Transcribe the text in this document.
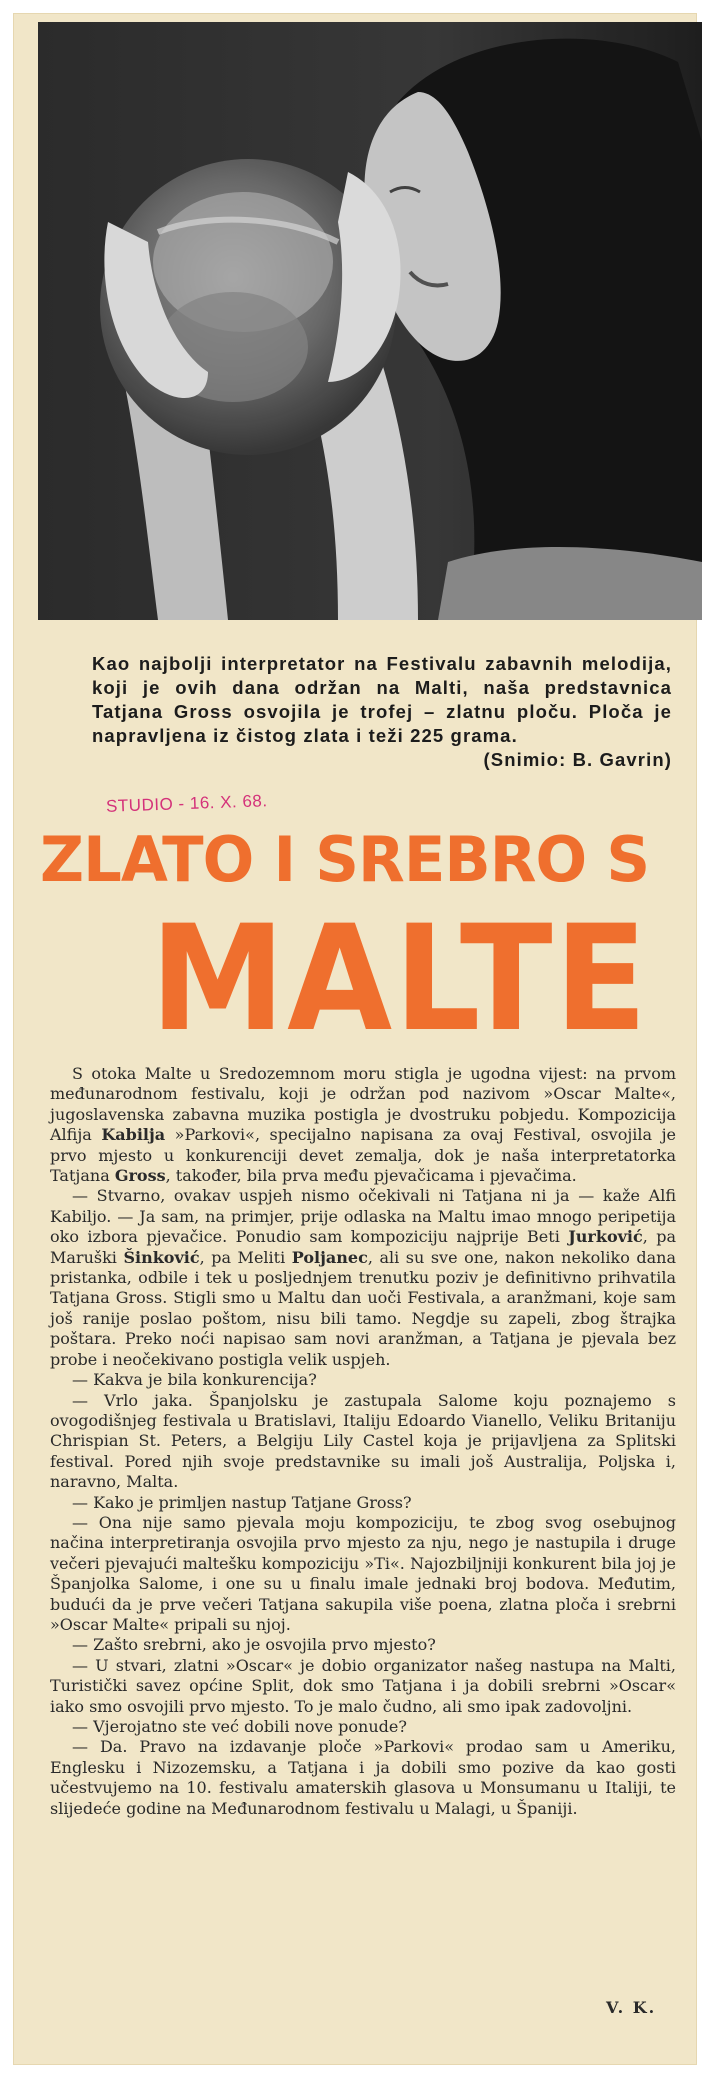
Kao najbolji interpretator na Festivalu zabavnih melodija, koji je ovih dana održan na Malti, naša predstavnica Tatjana Gross osvojila je trofej – zlatnu ploču. Ploča je napravljena iz čistog zlata i teži 225 grama.
(Snimio: B. Gavrin)
STUDIO - 16. X. 68.
ZLATO I SREBRO S
MALTE

S otoka Malte u Sredozemnom moru stigla je ugodna vijest: na prvom međunarodnom festivalu, koji je održan pod nazivom »Oscar Malte«, jugoslavenska zabavna muzika postigla je dvostruku pobjedu. Kompozicija Alfija Kabilja »Parkovi«, specijalno napisana za ovaj Festival, osvojila je prvo mjesto u konkurenciji devet zemalja, dok je naša interpretatorka Tatjana Gross, također, bila prva među pjevačicama i pjevačima.

— Stvarno, ovakav uspjeh nismo očekivali ni Tatjana ni ja — kaže Alfi Kabiljo. — Ja sam, na primjer, prije odlaska na Maltu imao mnogo peripetija oko izbora pjevačice. Ponudio sam kompoziciju najprije Beti Jurković, pa Maruški Šinković, pa Meliti Poljanec, ali su sve one, nakon nekoliko dana pristanka, odbile i tek u posljednjem trenutku poziv je definitivno prihvatila Tatjana Gross. Stigli smo u Maltu dan uoči Festivala, a aranžmani, koje sam još ranije poslao poštom, nisu bili tamo. Negdje su zapeli, zbog štrajka poštara. Preko noći napisao sam novi aranžman, a Tatjana je pjevala bez probe i neočekivano postigla velik uspjeh.

— Kakva je bila konkurencija?

— Vrlo jaka. Španjolsku je zastupala Salome koju poznajemo s ovogodišnjeg festivala u Bratislavi, Italiju Edoardo Vianello, Veliku Britaniju Chrispian St. Peters, a Belgiju Lily Castel koja je prijavljena za Splitski festival. Pored njih svoje predstavnike su imali još Australija, Poljska i, naravno, Malta.

— Kako je primljen nastup Tatjane Gross?

— Ona nije samo pjevala moju kompoziciju, te zbog svog osebujnog načina interpretiranja osvojila prvo mjesto za nju, nego je nastupila i druge večeri pjevajući maltešku kompoziciju »Ti«. Najozbiljniji konkurent bila joj je Španjolka Salome, i one su u finalu imale jednaki broj bodova. Međutim, budući da je prve večeri Tatjana sakupila više poena, zlatna ploča i srebrni »Oscar Malte« pripali su njoj.

— Zašto srebrni, ako je osvojila prvo mjesto?

— U stvari, zlatni »Oscar« je dobio organizator našeg nastupa na Malti, Turistički savez općine Split, dok smo Tatjana i ja dobili srebrni »Oscar« iako smo osvojili prvo mjesto. To je malo čudno, ali smo ipak zadovoljni.

— Vjerojatno ste već dobili nove ponude?

— Da. Pravo na izdavanje ploče »Parkovi« prodao sam u Ameriku, Englesku i Nizozemsku, a Tatjana i ja dobili smo pozive da kao gosti učestvujemo na 10. festivalu amaterskih glasova u Monsumanu u Italiji, te slijedeće godine na Međunarodnom festivalu u Malagi, u Španiji.

V. K.
